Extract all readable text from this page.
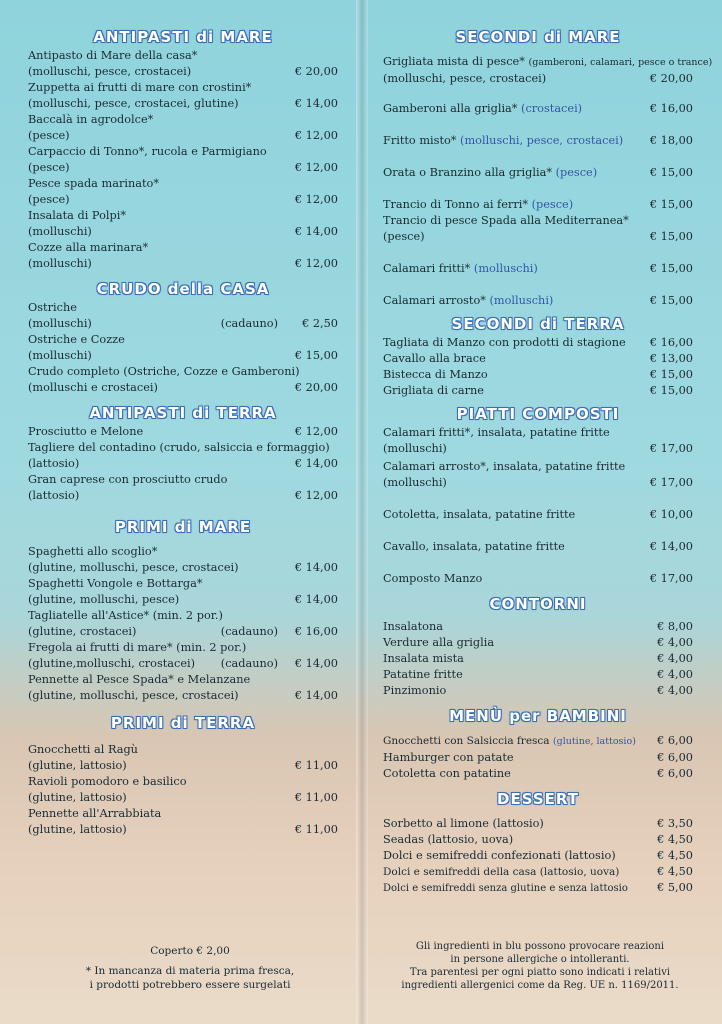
ANTIPASTI di MARE
Antipasto di Mare della casa*
(molluschi, pesce, crostacei)	€ 20,00
Zuppetta ai frutti di mare con crostini*
(molluschi, pesce, crostacei, glutine)	€ 14,00
Baccalà in agrodolce*
(pesce)	€ 12,00
Carpaccio di Tonno*, rucola e Parmigiano
(pesce)	€ 12,00
Pesce spada marinato*
(pesce)	€ 12,00
Insalata di Polpi*
(molluschi)	€ 14,00
Cozze alla marinara*
(molluschi)	€ 12,00
CRUDO della CASA
Ostriche
(molluschi)	(cadauno)	€ 2,50
Ostriche e Cozze
(molluschi)	€ 15,00
Crudo completo (Ostriche, Cozze e Gamberoni)
(molluschi e crostacei)	€ 20,00
ANTIPASTI di TERRA
Prosciutto e Melone	€ 12,00
Tagliere del contadino (crudo, salsiccia e formaggio)
(lattosio)	€ 14,00
Gran caprese con prosciutto crudo
(lattosio)	€ 12,00
PRIMI di MARE
Spaghetti allo scoglio*
(glutine, molluschi, pesce, crostacei)	€ 14,00
Spaghetti Vongole e Bottarga*
(glutine, molluschi, pesce)	€ 14,00
Tagliatelle all'Astice* (min. 2 por.)
(glutine, crostacei)	(cadauno)	€ 16,00
Fregola ai frutti di mare* (min. 2 por.)
(glutine,molluschi, crostacei)	(cadauno)	€ 14,00
Pennette al Pesce Spada* e Melanzane
(glutine, molluschi, pesce, crostacei)	€ 14,00
PRIMI di TERRA
Gnocchetti al Ragù
(glutine, lattosio)	€ 11,00
Ravioli pomodoro e basilico
(glutine, lattosio)	€ 11,00
Pennette all'Arrabbiata
(glutine, lattosio)	€ 11,00
Coperto € 2,00
* In mancanza di materia prima fresca,
i prodotti potrebbero essere surgelati
SECONDI di MARE
Grigliata mista di pesce*
(gamberoni, calamari, pesce o trance)
(molluschi, pesce, crostacei)	€ 20,00
Gamberoni alla griglia* (crostacei)	€ 16,00
Fritto misto* (molluschi, pesce, crostacei)	€ 18,00
Orata o Branzino alla griglia* (pesce)	€ 15,00
Trancio di Tonno ai ferri* (pesce)	€ 15,00
Trancio di pesce Spada alla Mediterranea*
(pesce)	€ 15,00
Calamari fritti* (molluschi)	€ 15,00
Calamari arrosto* (molluschi)	€ 15,00
SECONDI di TERRA
Tagliata di Manzo con prodotti di stagione	€ 16,00
Cavallo alla brace	€ 13,00
Bistecca di Manzo	€ 15,00
Grigliata di carne	€ 15,00
PIATTI COMPOSTI
Calamari fritti*, insalata, patatine fritte
(molluschi)	€ 17,00
Calamari arrosto*, insalata, patatine fritte
(molluschi)	€ 17,00
Cotoletta, insalata, patatine fritte	€ 10,00
Cavallo, insalata, patatine fritte	€ 14,00
Composto Manzo	€ 17,00
CONTORNI
Insalatona	€ 8,00
Verdure alla griglia	€ 4,00
Insalata mista	€ 4,00
Patatine fritte	€ 4,00
Pinzimonio	€ 4,00
MENÙ per BAMBINI
Gnocchetti con Salsiccia fresca (glutine, lattosio)	€ 6,00
Hamburger con patate	€ 6,00
Cotoletta con patatine	€ 6,00
DESSERT
Sorbetto al limone (lattosio)	€ 3,50
Seadas (lattosio, uova)	€ 4,50
Dolci e semifreddi confezionati (lattosio)	€ 4,50
Dolci e semifreddi della casa (lattosio, uova)	€ 4,50
Dolci e semifreddi senza glutine e senza lattosio	€ 5,00
Gli ingredienti in blu possono provocare reazioni
in persone allergiche o intolleranti.
Tra parentesi per ogni piatto sono indicati i relativi
ingredienti allergenici come da Reg. UE n. 1169/2011.
